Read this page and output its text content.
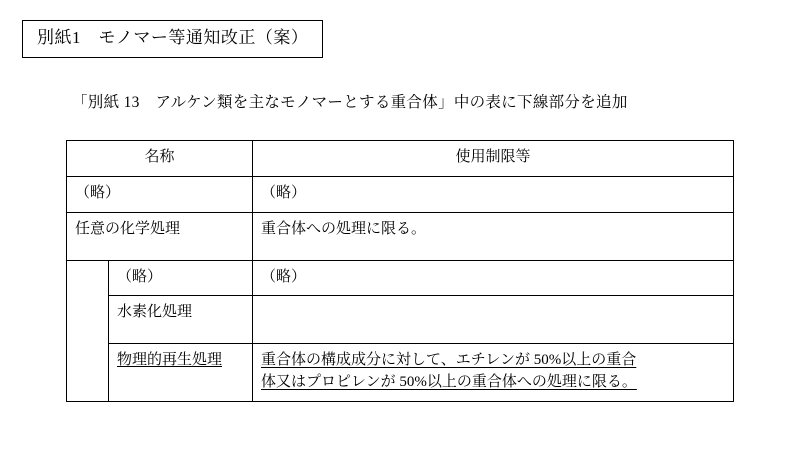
別紙1　モノマー等通知改正（案）
「別紙 13　アルケン類を主なモノマーとする重合体」中の表に下線部分を追加
名称		使用制限等
（略）		（略）
任意の化学処理		重合体への処理に限る。
	（略）	（略）
	水素化処理	
	物理的再生処理	重合体の構成成分に対して、エチレンが 50%以上の重合
体又はプロピレンが 50%以上の重合体への処理に限る。
